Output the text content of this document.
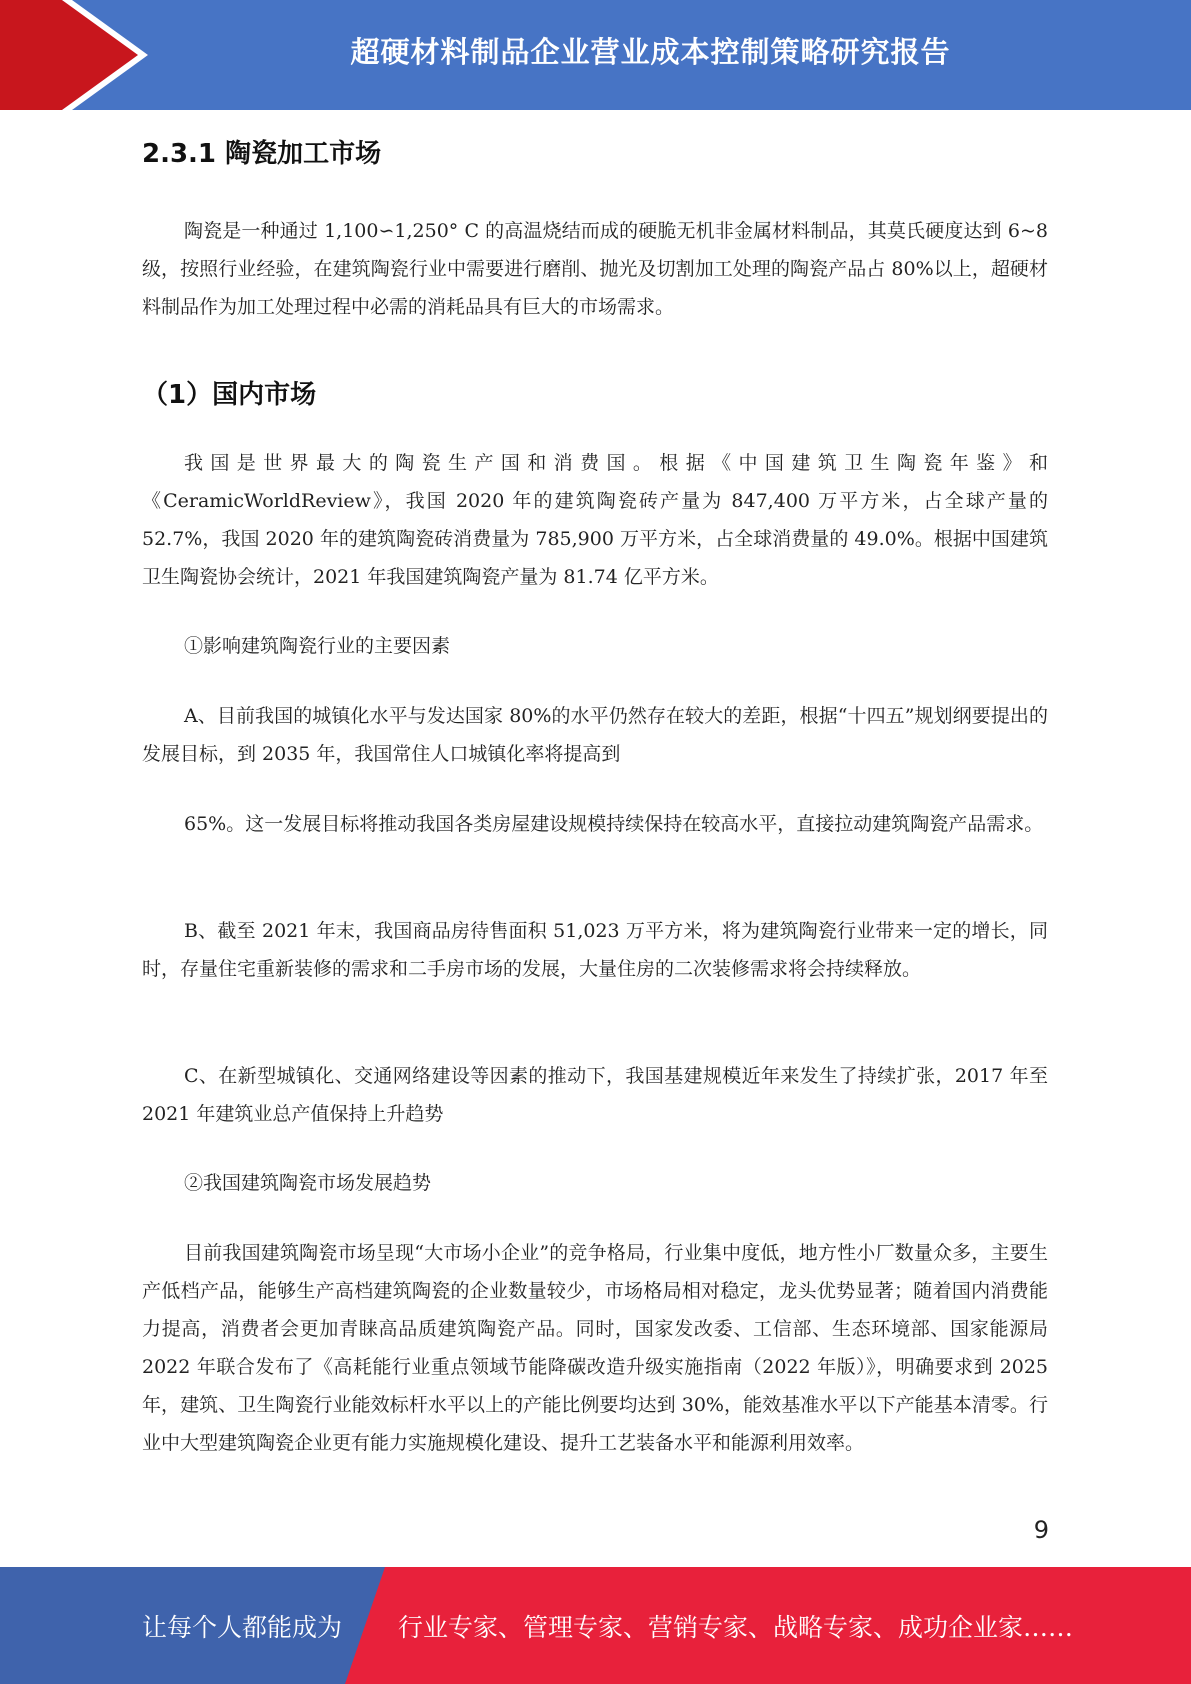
超硬材料制品企业营业成本控制策略研究报告
2.3.1 陶瓷加工市场

陶瓷是一种通过 1,100∽1,250° C 的高温烧结而成的硬脆无机非金属材料制品，其莫氏硬度达到 6~8 级，按照行业经验，在建筑陶瓷行业中需要进行磨削、抛光及切割加工处理的陶瓷产品占 80%以上，超硬材料制品作为加工处理过程中必需的消耗品具有巨大的市场需求。

（1）国内市场

我国是世界最大的陶瓷生产国和消费国。根据《中国建筑卫生陶瓷年鉴》和《CeramicWorldReview》，我国 2020 年的建筑陶瓷砖产量为 847,400 万平方米，占全球产量的 52.7%，我国 2020 年的建筑陶瓷砖消费量为 785,900 万平方米，占全球消费量的 49.0%。根据中国建筑卫生陶瓷协会统计，2021 年我国建筑陶瓷产量为 81.74 亿平方米。

①影响建筑陶瓷行业的主要因素

A、目前我国的城镇化水平与发达国家 80%的水平仍然存在较大的差距，根据“十四五”规划纲要提出的发展目标，到 2035 年，我国常住人口城镇化率将提高到

65%。这一发展目标将推动我国各类房屋建设规模持续保持在较高水平，直接拉动建筑陶瓷产品需求。

B、截至 2021 年末，我国商品房待售面积 51,023 万平方米，将为建筑陶瓷行业带来一定的增长，同时，存量住宅重新装修的需求和二手房市场的发展，大量住房的二次装修需求将会持续释放。

C、在新型城镇化、交通网络建设等因素的推动下，我国基建规模近年来发生了持续扩张，2017 年至 2021 年建筑业总产值保持上升趋势

②我国建筑陶瓷市场发展趋势

目前我国建筑陶瓷市场呈现“大市场小企业”的竞争格局，行业集中度低，地方性小厂数量众多，主要生产低档产品，能够生产高档建筑陶瓷的企业数量较少，市场格局相对稳定，龙头优势显著；随着国内消费能力提高，消费者会更加青睐高品质建筑陶瓷产品。同时，国家发改委、工信部、生态环境部、国家能源局 2022 年联合发布了《高耗能行业重点领域节能降碳改造升级实施指南（2022 年版）》，明确要求到 2025 年，建筑、卫生陶瓷行业能效标杆水平以上的产能比例要均达到 30%，能效基准水平以下产能基本清零。行业中大型建筑陶瓷企业更有能力实施规模化建设、提升工艺装备水平和能源利用效率。

9
让每个人都能成为 行业专家、管理专家、营销专家、战略专家、成功企业家……
